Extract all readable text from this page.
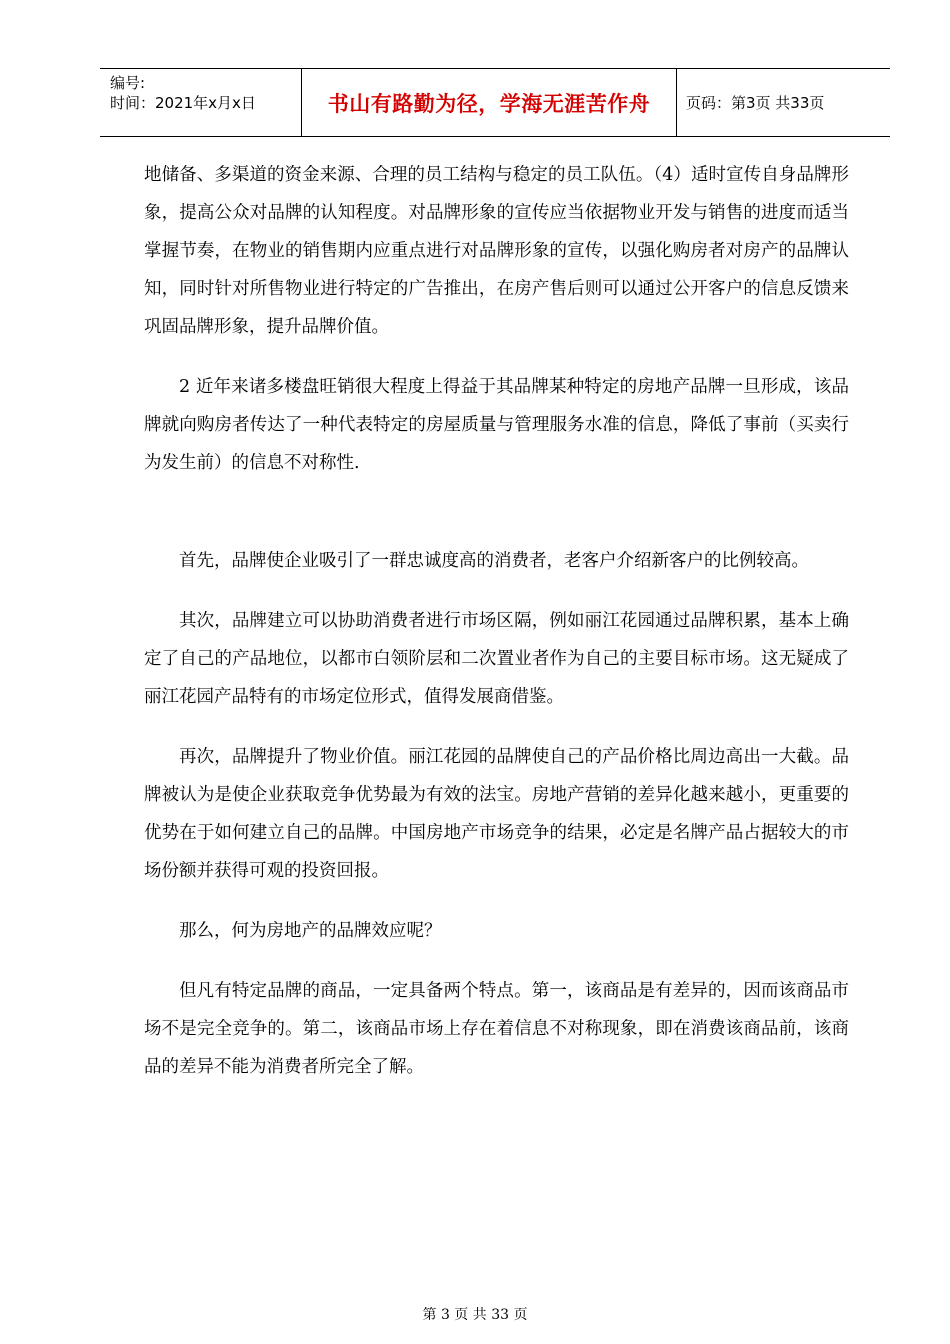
编号:
时间：2021年x月x日	书山有路勤为径，学海无涯苦作舟 页码：第3页 共33页

地储备、多渠道的资金来源、合理的员工结构与稳定的员工队伍。（4）适时宣传自身品牌形象，提高公众对品牌的认知程度。对品牌形象的宣传应当依据物业开发与销售的进度而适当掌握节奏，在物业的销售期内应重点进行对品牌形象的宣传，以强化购房者对房产的品牌认知，同时针对所售物业进行特定的广告推出，在房产售后则可以通过公开客户的信息反馈来巩固品牌形象，提升品牌价值。

2 近年来诸多楼盘旺销很大程度上得益于其品牌某种特定的房地产品牌一旦形成，该品牌就向购房者传达了一种代表特定的房屋质量与管理服务水准的信息，降低了事前（买卖行为发生前）的信息不对称性.

首先，品牌使企业吸引了一群忠诚度高的消费者，老客户介绍新客户的比例较高。

其次，品牌建立可以协助消费者进行市场区隔，例如丽江花园通过品牌积累，基本上确定了自己的产品地位，以都市白领阶层和二次置业者作为自己的主要目标市场。这无疑成了丽江花园产品特有的市场定位形式，值得发展商借鉴。

再次，品牌提升了物业价值。丽江花园的品牌使自己的产品价格比周边高出一大截。品牌被认为是使企业获取竞争优势最为有效的法宝。房地产营销的差异化越来越小，更重要的优势在于如何建立自己的品牌。中国房地产市场竞争的结果，必定是名牌产品占据较大的市场份额并获得可观的投资回报。

那么，何为房地产的品牌效应呢？

但凡有特定品牌的商品，一定具备两个特点。第一，该商品是有差异的，因而该商品市场不是完全竞争的。第二，该商品市场上存在着信息不对称现象，即在消费该商品前，该商品的差异不能为消费者所完全了解。

第 3 页 共 33 页
